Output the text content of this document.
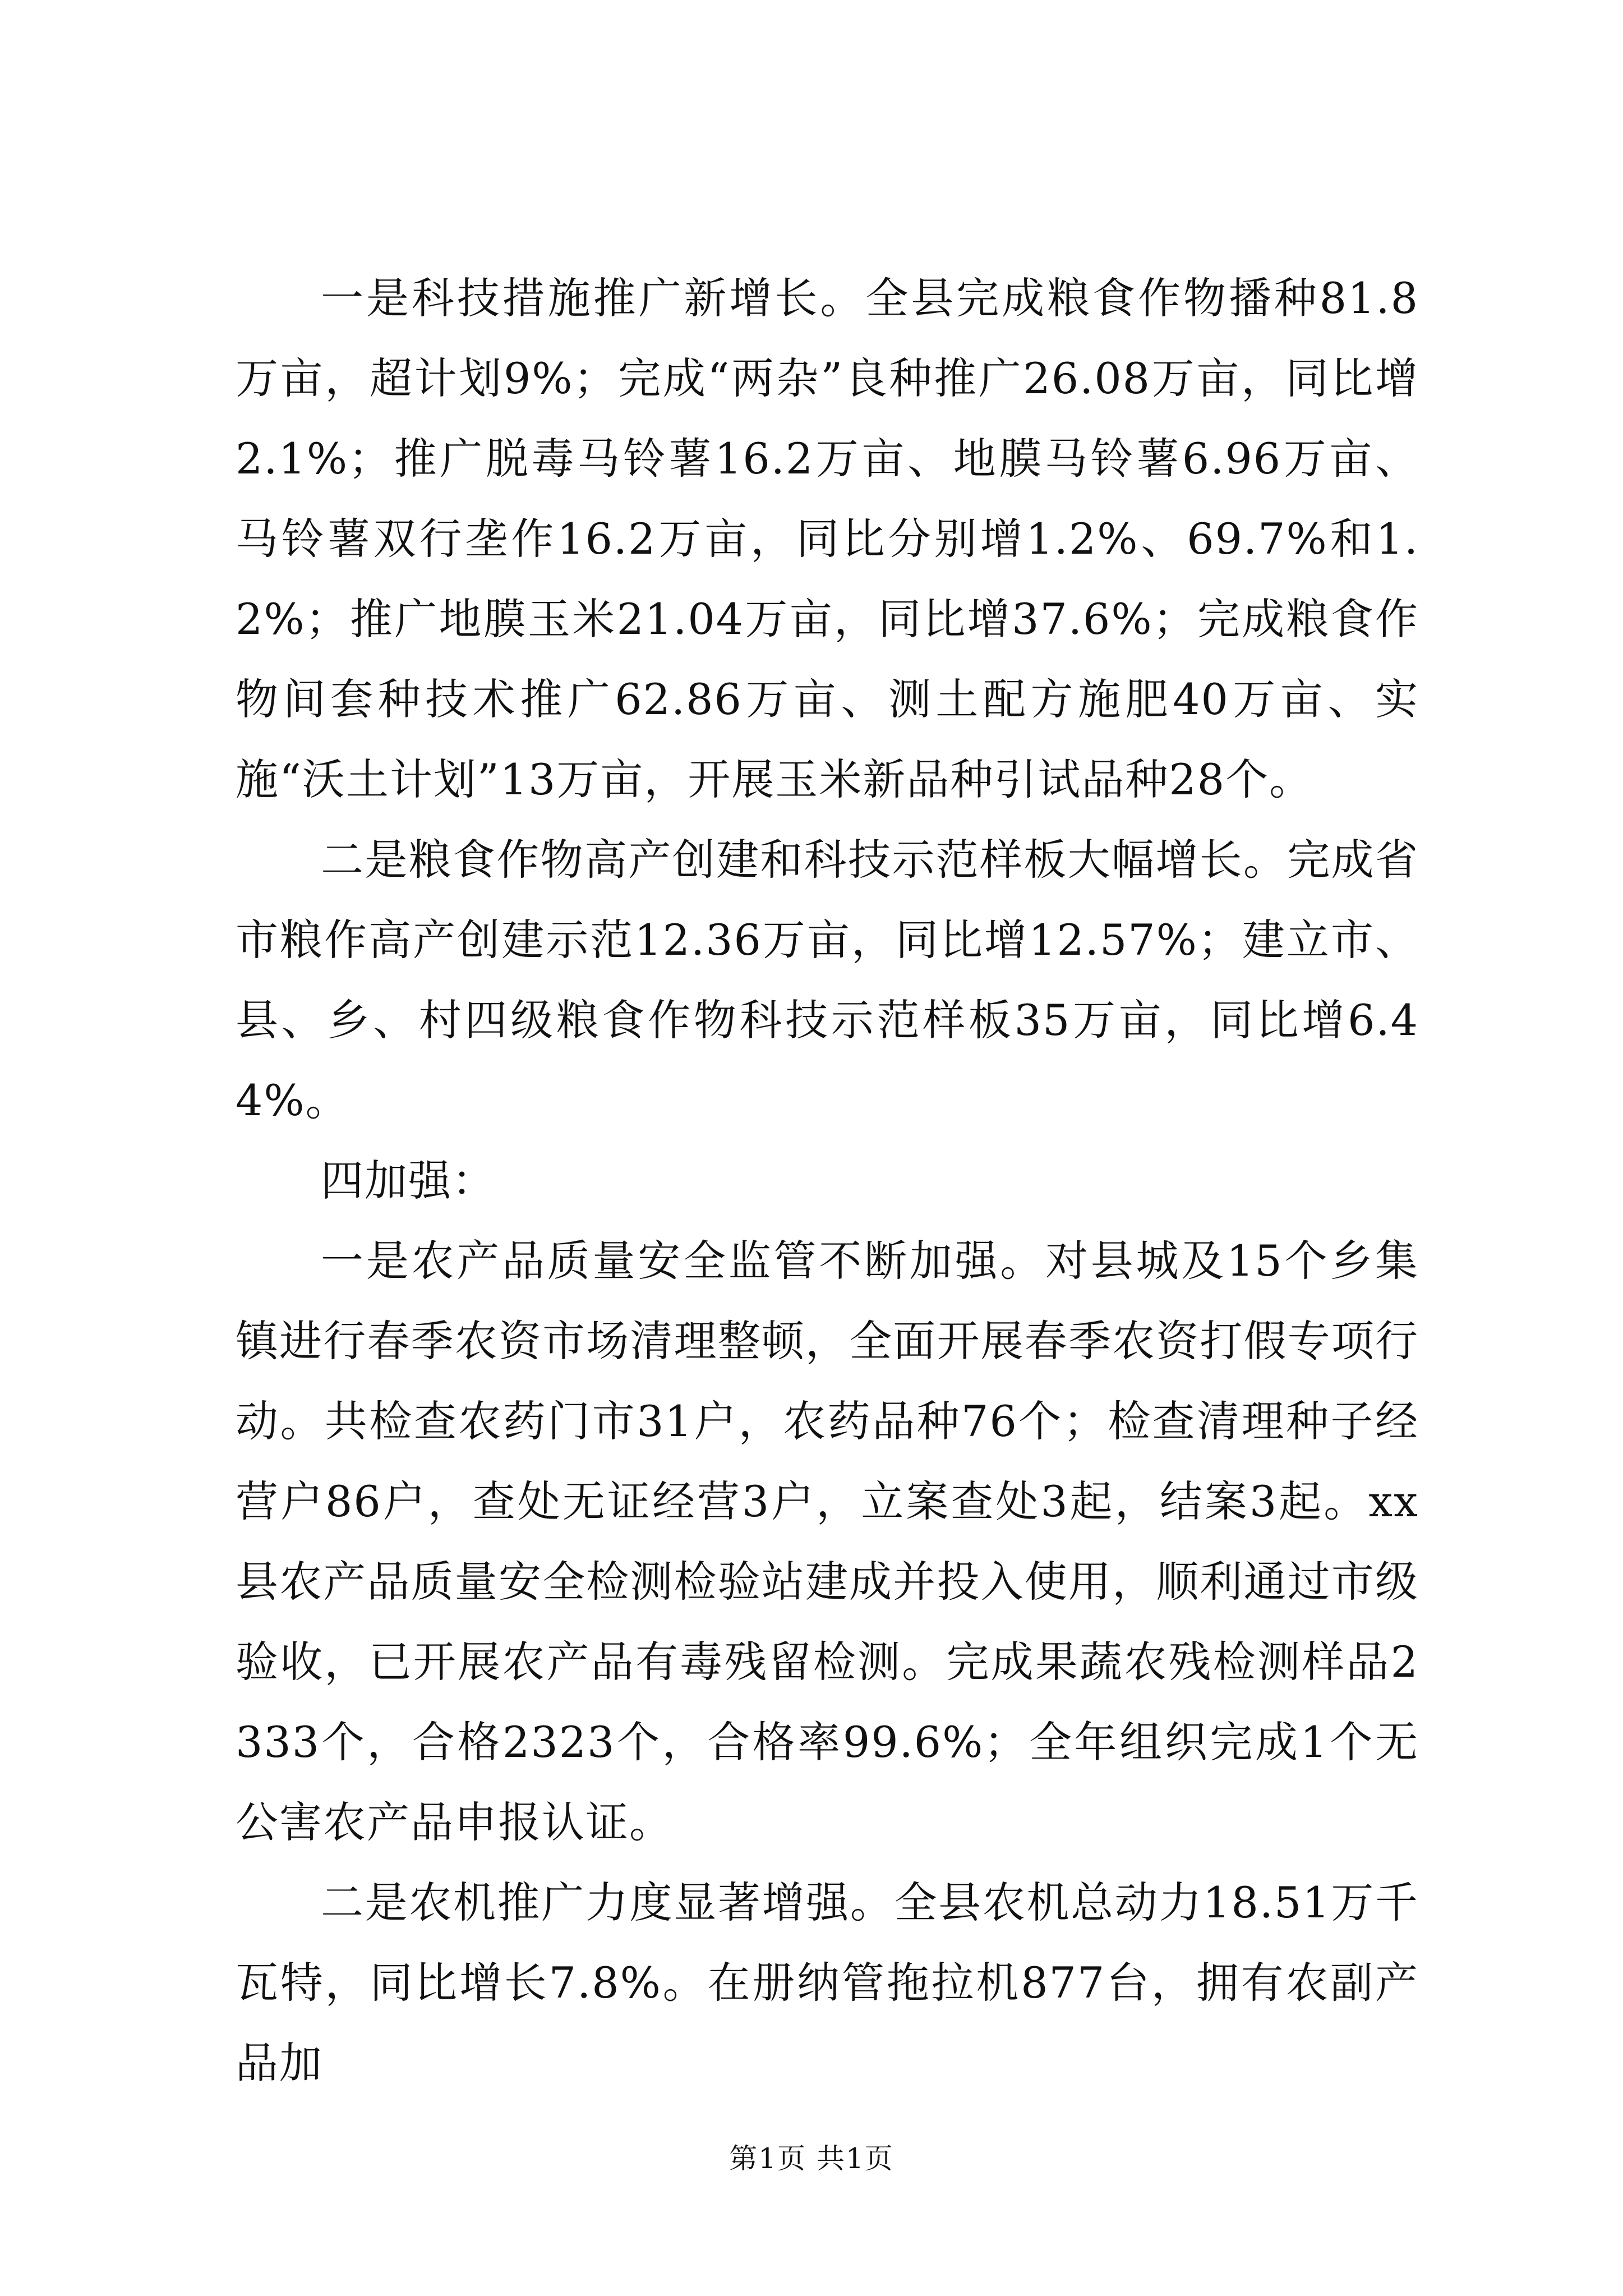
一是科技措施推广新增长。全县完成粮食作物播种81.8万亩，超计划9%；完成“两杂”良种推广26.08万亩，同比增2.1%；推广脱毒马铃薯16.2万亩、地膜马铃薯6.96万亩、马铃薯双行垄作16.2万亩，同比分别增1.2%、69.7%和1.2%；推广地膜玉米21.04万亩，同比增37.6%；完成粮食作物间套种技术推广62.86万亩、测土配方施肥40万亩、实施“沃土计划”13万亩，开展玉米新品种引试品种28个。

二是粮食作物高产创建和科技示范样板大幅增长。完成省市粮作高产创建示范12.36万亩，同比增12.57%；建立市、县、乡、村四级粮食作物科技示范样板35万亩，同比增6.44%。

四加强：

一是农产品质量安全监管不断加强。对县城及15个乡集镇进行春季农资市场清理整顿，全面开展春季农资打假专项行动。共检查农药门市31户，农药品种76个；检查清理种子经营户86户，查处无证经营3户，立案查处3起，结案3起。xx县农产品质量安全检测检验站建成并投入使用，顺利通过市级验收，已开展农产品有毒残留检测。完成果蔬农残检测样品2333个，合格2323个，合格率99.6%；全年组织完成1个无公害农产品申报认证。

二是农机推广力度显著增强。全县农机总动力18.51万千瓦特，同比增长7.8%。在册纳管拖拉机877台，拥有农副产品加

第1页 共1页
